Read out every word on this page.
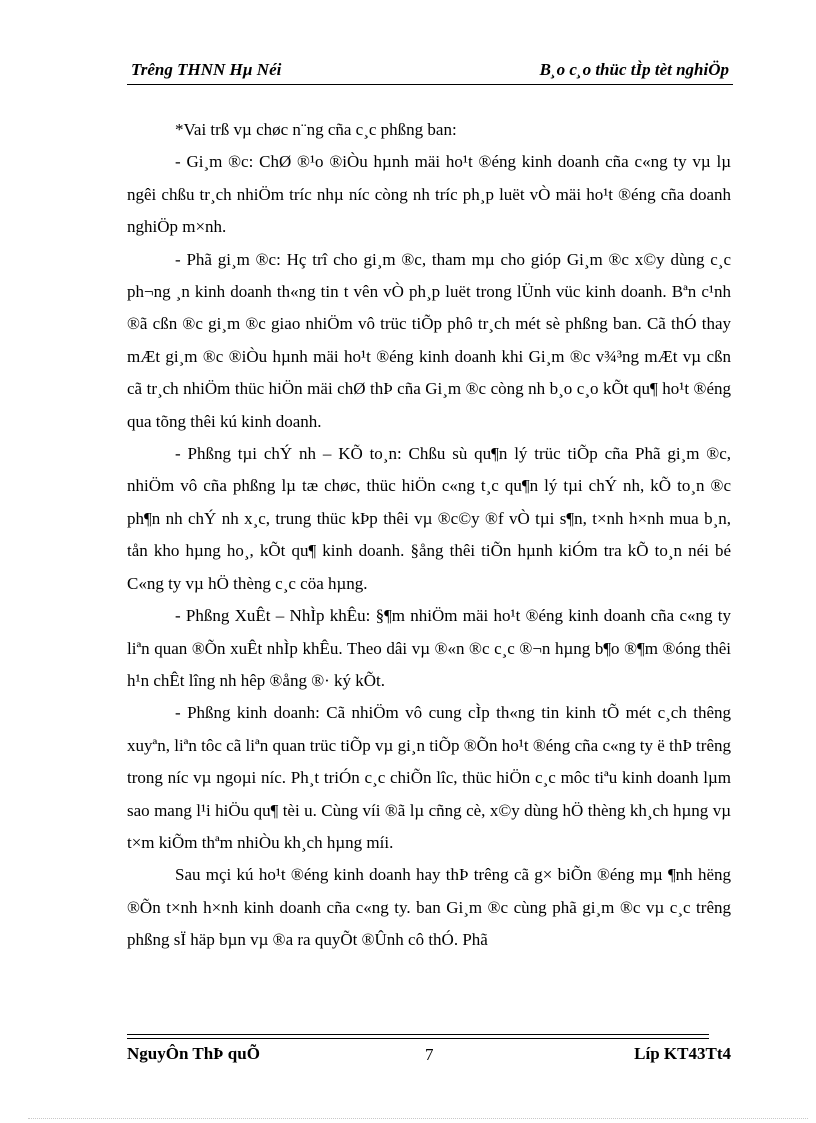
Trêng THNN Hµ Néi	B¸o c¸o thüc tÌp tèt nghiÖp

*Vai trß vµ chøc n¨ng cña c¸c phßng ban:

- Gi¸m ®c: ChØ ®¹o ®iÒu hµnh mäi ho¹t ®éng kinh doanh cña c«ng ty vµ lµ ngêi chßu tr¸ch nhiÖm tríc nhµ níc còng nh tríc ph¸p luët vÒ mäi ho¹t ®éng cña doanh nghiÖp m×nh.

- Phã gi¸m ®c: Hç trî cho gi¸m ®c, tham mµ cho gióp Gi¸m ®c x©y dùng c¸c ph¬ng ¸n kinh doanh th«ng tin t vên vÒ ph¸p luët trong lÜnh vüc kinh doanh. Bªn c¹nh ®ã cßn ®c gi¸m ®c giao nhiÖm vô trüc tiÕp phô tr¸ch mét sè phßng ban. Cã thÓ thay mÆt gi¸m ®c ®iÒu hµnh mäi ho¹t ®éng kinh doanh khi Gi¸m ®c v¾³ng mÆt vµ cßn cã tr¸ch nhiÖm thüc hiÖn mäi chØ thÞ cña Gi¸m ®c còng nh b¸o c¸o kÕt qu¶ ho¹t ®éng qua tõng thêi kú kinh doanh.

- Phßng tµi chÝ nh – KÕ to¸n: Chßu sù qu¶n lý trüc tiÕp cña Phã gi¸m ®c, nhiÖm vô cña phßng lµ tæ chøc, thüc hiÖn c«ng t¸c qu¶n lý tµi chÝ nh, kÕ to¸n ®c ph¶n nh chÝ nh x¸c, trung thüc kÞp thêi vµ ®c©y ®f vÒ tµi s¶n, t×nh h×nh mua b¸n, tån kho hµng ho¸, kÕt qu¶ kinh doanh. §ång thêi tiÕn hµnh kiÓm tra kÕ to¸n néi bé C«ng ty vµ hÖ thèng c¸c cöa hµng.

- Phßng XuÊt – NhÌp khÊu: §¶m nhiÖm mäi ho¹t ®éng kinh doanh cña c«ng ty liªn quan ®Õn xuÊt nhÌp khÊu. Theo dâi vµ ®«n ®c c¸c ®¬n hµng b¶o ®¶m ®óng thêi h¹n chÊt lîng nh hêp ®ång ®· ký kÕt.

- Phßng kinh doanh: Cã nhiÖm vô cung cÌp th«ng tin kinh tÕ mét c¸ch thêng xuyªn, liªn tôc cã liªn quan trüc tiÕp vµ gi¸n tiÕp ®Õn ho¹t ®éng cña c«ng ty ë thÞ trêng trong níc vµ ngoµi níc. Ph¸t triÓn c¸c chiÕn lîc, thüc hiÖn c¸c môc tiªu kinh doanh lµm sao mang l¹i hiÖu qu¶ tèi u. Cùng víi ®ã lµ cñng cè, x©y dùng hÖ thèng kh¸ch hµng vµ t×m kiÕm thªm nhiÒu kh¸ch hµng míi.

Sau mçi kú ho¹t ®éng kinh doanh hay thÞ trêng cã g× biÕn ®éng mµ ¶nh hëng ®Õn t×nh h×nh kinh doanh cña c«ng ty. ban Gi¸m ®c cùng phã gi¸m ®c vµ c¸c trêng phßng sÏ häp bµn vµ ®a ra quyÕt ®Ûnh cô thÓ. Phã

NguyÔn ThÞ quÕ	7	Líp KT43Tt4
